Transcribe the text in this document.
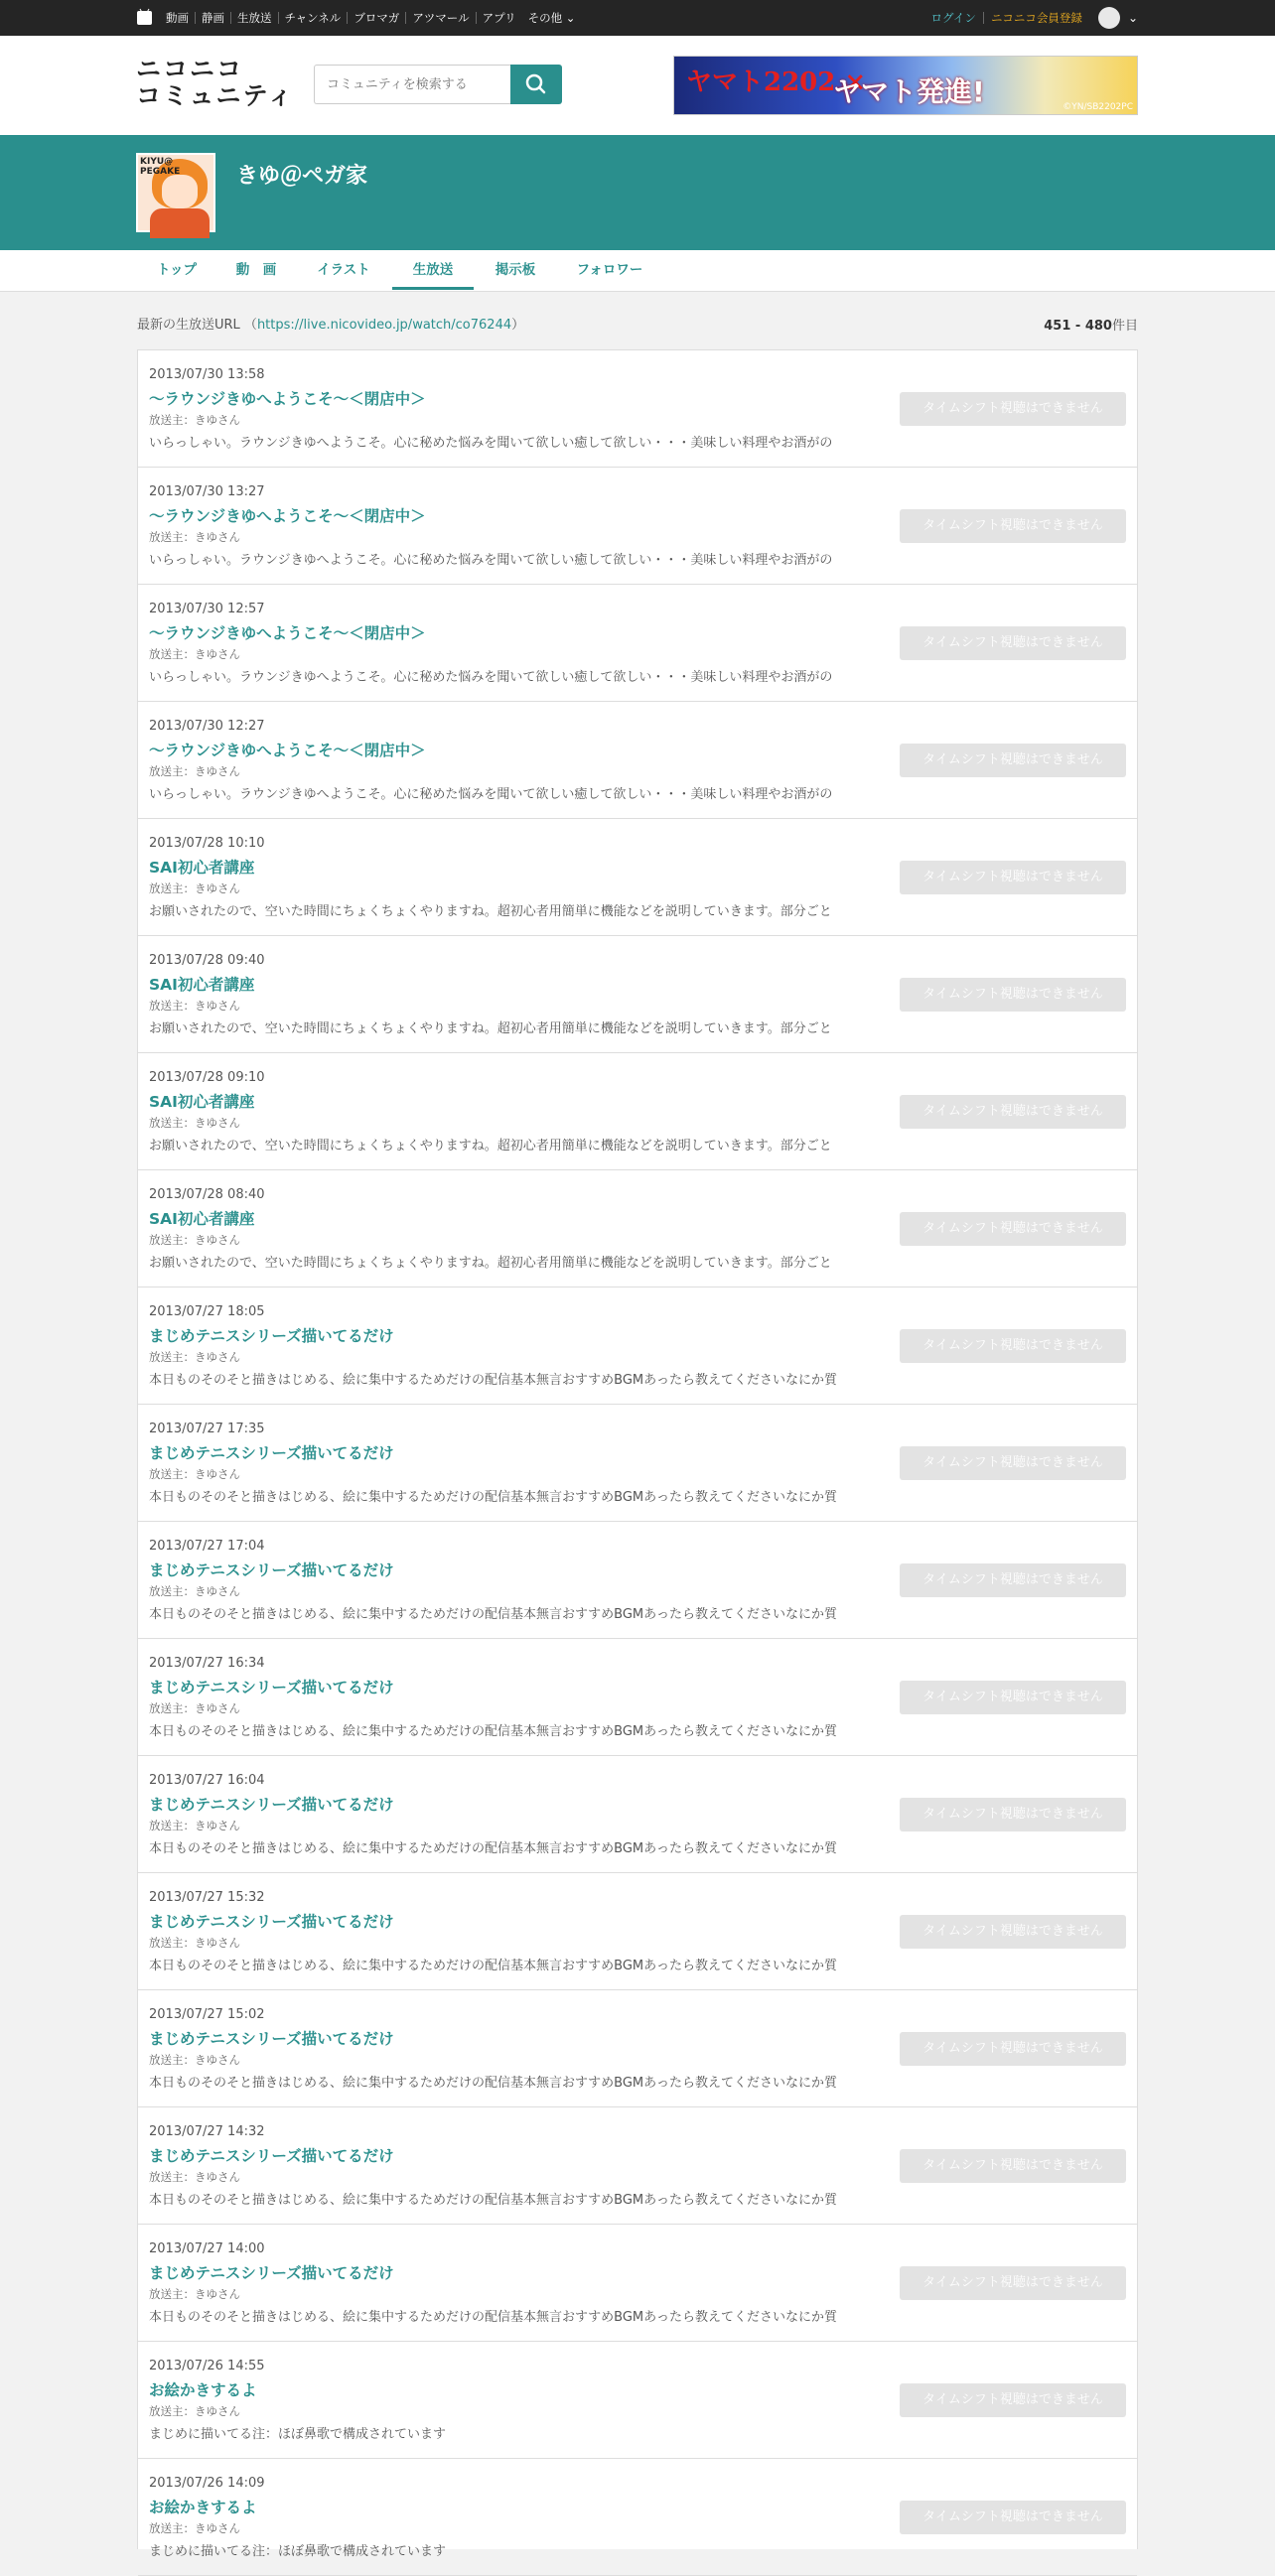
動画	静画	生放送	チャンネル	ブロマガ	アツマール	アプリ	その他 ⌄	ログイン	ニコニコ会員登録	⌄
ニコニコ
コミュニティ
コミュニティを検索する	ヤマト2202 ×
ヤマト発進!	©YN/SB2202PC
KIYU@ PEGAKE	きゆ＠ペガ家
トップ	動　画	イラスト	生放送	掲示板	フォロワー
最新の生放送URL （https://live.nicovideo.jp/watch/co76244）	451 - 480件目
2013/07/30 13:58
～ラウンジきゆへようこそ～＜閉店中＞
放送主：きゆさん
いらっしゃい。ラウンジきゆへようこそ。心に秘めた悩みを聞いて欲しい癒して欲しい・・・美味しい料理やお酒がの
タイムシフト視聴はできません
2013/07/30 13:27
～ラウンジきゆへようこそ～＜閉店中＞
放送主：きゆさん
いらっしゃい。ラウンジきゆへようこそ。心に秘めた悩みを聞いて欲しい癒して欲しい・・・美味しい料理やお酒がの
タイムシフト視聴はできません
2013/07/30 12:57
～ラウンジきゆへようこそ～＜閉店中＞
放送主：きゆさん
いらっしゃい。ラウンジきゆへようこそ。心に秘めた悩みを聞いて欲しい癒して欲しい・・・美味しい料理やお酒がの
タイムシフト視聴はできません
2013/07/30 12:27
～ラウンジきゆへようこそ～＜閉店中＞
放送主：きゆさん
いらっしゃい。ラウンジきゆへようこそ。心に秘めた悩みを聞いて欲しい癒して欲しい・・・美味しい料理やお酒がの
タイムシフト視聴はできません
2013/07/28 10:10
SAI初心者講座
放送主：きゆさん
お願いされたので、空いた時間にちょくちょくやりますね。超初心者用簡単に機能などを説明していきます。部分ごと
タイムシフト視聴はできません
2013/07/28 09:40
SAI初心者講座
放送主：きゆさん
お願いされたので、空いた時間にちょくちょくやりますね。超初心者用簡単に機能などを説明していきます。部分ごと
タイムシフト視聴はできません
2013/07/28 09:10
SAI初心者講座
放送主：きゆさん
お願いされたので、空いた時間にちょくちょくやりますね。超初心者用簡単に機能などを説明していきます。部分ごと
タイムシフト視聴はできません
2013/07/28 08:40
SAI初心者講座
放送主：きゆさん
お願いされたので、空いた時間にちょくちょくやりますね。超初心者用簡単に機能などを説明していきます。部分ごと
タイムシフト視聴はできません
2013/07/27 18:05
まじめテニスシリーズ描いてるだけ
放送主：きゆさん
本日ものそのそと描きはじめる、絵に集中するためだけの配信基本無言おすすめBGMあったら教えてくださいなにか質
タイムシフト視聴はできません
2013/07/27 17:35
まじめテニスシリーズ描いてるだけ
放送主：きゆさん
本日ものそのそと描きはじめる、絵に集中するためだけの配信基本無言おすすめBGMあったら教えてくださいなにか質
タイムシフト視聴はできません
2013/07/27 17:04
まじめテニスシリーズ描いてるだけ
放送主：きゆさん
本日ものそのそと描きはじめる、絵に集中するためだけの配信基本無言おすすめBGMあったら教えてくださいなにか質
タイムシフト視聴はできません
2013/07/27 16:34
まじめテニスシリーズ描いてるだけ
放送主：きゆさん
本日ものそのそと描きはじめる、絵に集中するためだけの配信基本無言おすすめBGMあったら教えてくださいなにか質
タイムシフト視聴はできません
2013/07/27 16:04
まじめテニスシリーズ描いてるだけ
放送主：きゆさん
本日ものそのそと描きはじめる、絵に集中するためだけの配信基本無言おすすめBGMあったら教えてくださいなにか質
タイムシフト視聴はできません
2013/07/27 15:32
まじめテニスシリーズ描いてるだけ
放送主：きゆさん
本日ものそのそと描きはじめる、絵に集中するためだけの配信基本無言おすすめBGMあったら教えてくださいなにか質
タイムシフト視聴はできません
2013/07/27 15:02
まじめテニスシリーズ描いてるだけ
放送主：きゆさん
本日ものそのそと描きはじめる、絵に集中するためだけの配信基本無言おすすめBGMあったら教えてくださいなにか質
タイムシフト視聴はできません
2013/07/27 14:32
まじめテニスシリーズ描いてるだけ
放送主：きゆさん
本日ものそのそと描きはじめる、絵に集中するためだけの配信基本無言おすすめBGMあったら教えてくださいなにか質
タイムシフト視聴はできません
2013/07/27 14:00
まじめテニスシリーズ描いてるだけ
放送主：きゆさん
本日ものそのそと描きはじめる、絵に集中するためだけの配信基本無言おすすめBGMあったら教えてくださいなにか質
タイムシフト視聴はできません
2013/07/26 14:55
お絵かきするよ
放送主：きゆさん
まじめに描いてる注：ほぼ鼻歌で構成されています
タイムシフト視聴はできません
2013/07/26 14:09
お絵かきするよ
放送主：きゆさん
まじめに描いてる注：ほぼ鼻歌で構成されています
タイムシフト視聴はできません
